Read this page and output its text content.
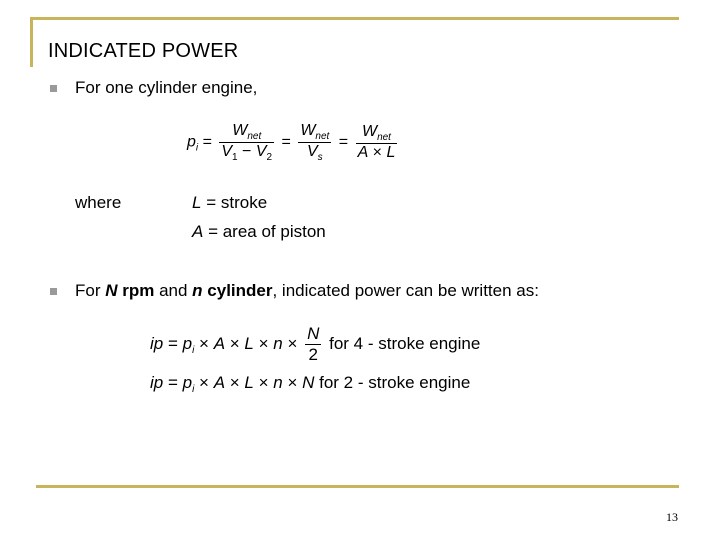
INDICATED POWER
For one cylinder engine,
$p_i = \frac{W_{net}}{V_1 - V_2} = \frac{W_{net}}{V_s} = \frac{W_{net}}{A \times L}$
where	L = stroke
A = area of piston
For N rpm and n cylinder, indicated power can be written as:
ip = $p_i \times A \times L \times n \times \frac{N}{2}$ for 4 - stroke engine
ip = $p_i \times A \times L \times n \times N$ for 2 - stroke engine
13
